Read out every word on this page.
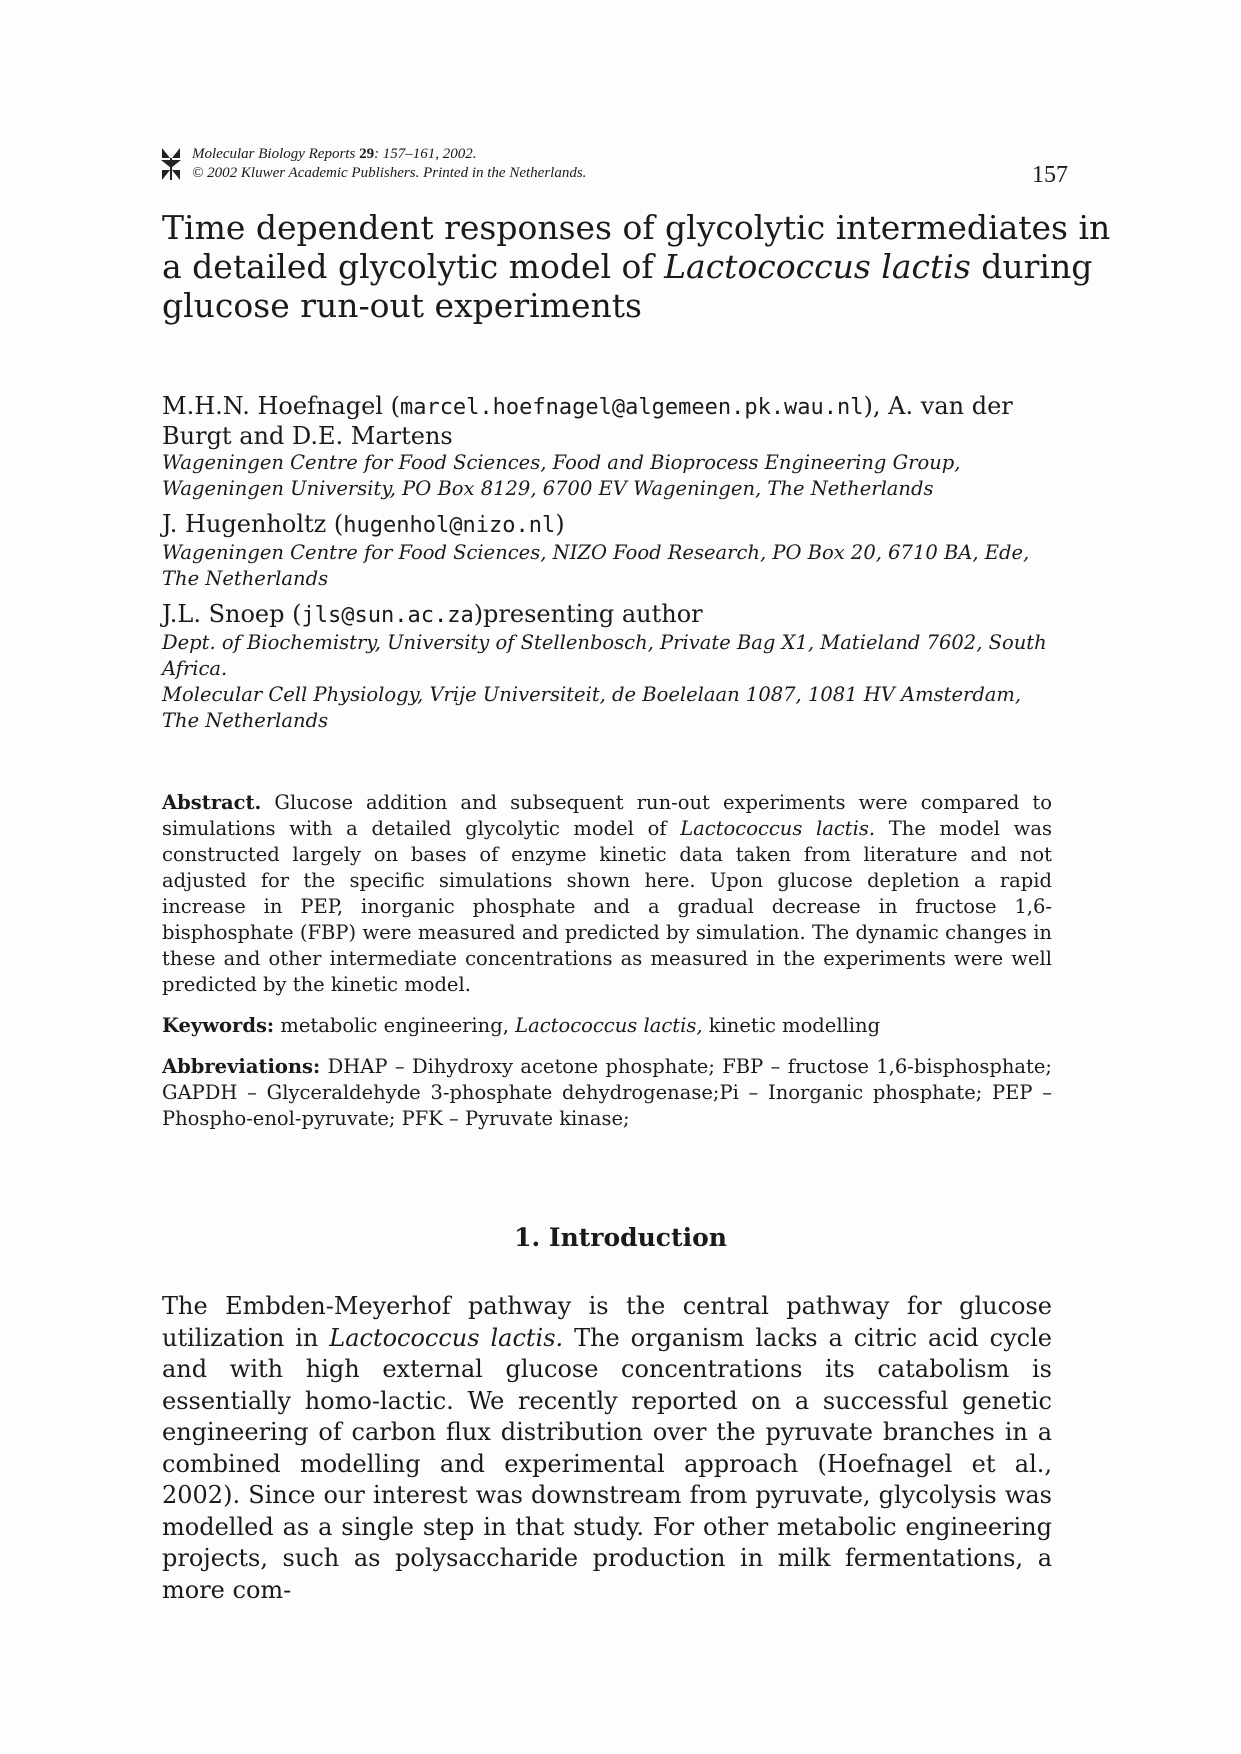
Molecular Biology Reports 29: 157–161, 2002.
© 2002 Kluwer Academic Publishers. Printed in the Netherlands.	157
Time dependent responses of glycolytic intermediates in a detailed glycolytic model of Lactococcus lactis during glucose run-out experiments
M.H.N. Hoefnagel (marcel.hoefnagel@algemeen.pk.wau.nl), A. van der Burgt and D.E. Martens
Wageningen Centre for Food Sciences, Food and Bioprocess Engineering Group, Wageningen University, PO Box 8129, 6700 EV Wageningen, The Netherlands
J. Hugenholtz (hugenhol@nizo.nl)
Wageningen Centre for Food Sciences, NIZO Food Research, PO Box 20, 6710 BA, Ede, The Netherlands
J.L. Snoep (jls@sun.ac.za)presenting author
Dept. of Biochemistry, University of Stellenbosch, Private Bag X1, Matieland 7602, South Africa.
Molecular Cell Physiology, Vrije Universiteit, de Boelelaan 1087, 1081 HV Amsterdam, The Netherlands

Abstract. Glucose addition and subsequent run-out experiments were compared to simulations with a detailed glycolytic model of Lactococcus lactis. The model was constructed largely on bases of enzyme kinetic data taken from literature and not adjusted for the specific simulations shown here. Upon glucose depletion a rapid increase in PEP, inorganic phosphate and a gradual decrease in fructose 1,6-bisphosphate (FBP) were measured and predicted by simulation. The dynamic changes in these and other intermediate concentrations as measured in the experiments were well predicted by the kinetic model.

Keywords: metabolic engineering, Lactococcus lactis, kinetic modelling

Abbreviations: DHAP – Dihydroxy acetone phosphate; FBP – fructose 1,6-bisphosphate; GAPDH – Glyceraldehyde 3-phosphate dehydrogenase;Pi – Inorganic phosphate; PEP – Phospho-enol-pyruvate; PFK – Pyruvate kinase;

1. Introduction

The Embden-Meyerhof pathway is the central pathway for glucose utilization in Lactococcus lactis. The organism lacks a citric acid cycle and with high external glucose concentrations its catabolism is essentially homo-lactic. We recently reported on a successful genetic engineering of carbon flux distribution over the pyruvate branches in a combined modelling and experimental approach (Hoefnagel et al., 2002). Since our interest was downstream from pyruvate, glycolysis was modelled as a single step in that study. For other metabolic engineering projects, such as polysaccharide production in milk fermentations, a more com-
